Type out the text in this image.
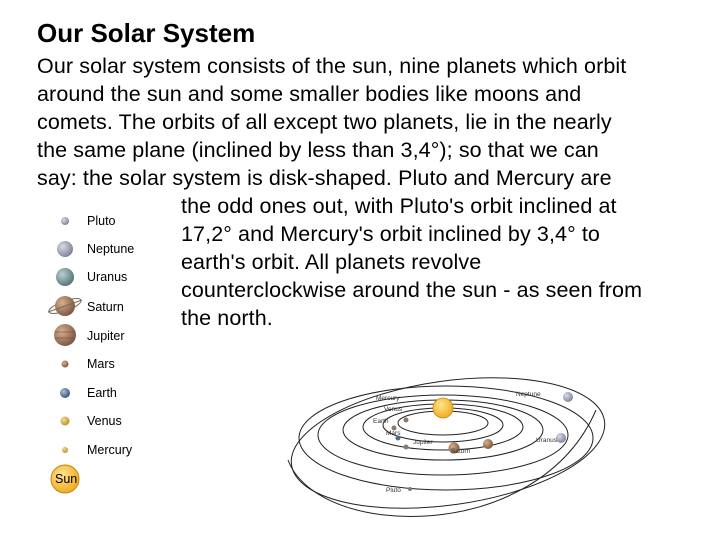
Our Solar System
Our solar system consists of the sun, nine planets which orbit
around the sun and some smaller bodies like moons and
comets. The orbits of all except two planets, lie in the nearly
the same plane (inclined by less than 3,4°); so that we can
say: the solar system is disk-shaped. Pluto and Mercury are
the odd ones out, with Pluto's orbit inclined at
17,2° and Mercury's orbit inclined by 3,4° to
earth's orbit. All planets revolve
counterclockwise around the sun - as seen from
the north.
Pluto
Neptune
Uranus
Saturn
Jupiter
Mars
Earth
Venus
Mercury
Sun
Neptune
Mercury
Venus
Earth
Mars
Jupiter
Saturn
Uranus
Pluto
